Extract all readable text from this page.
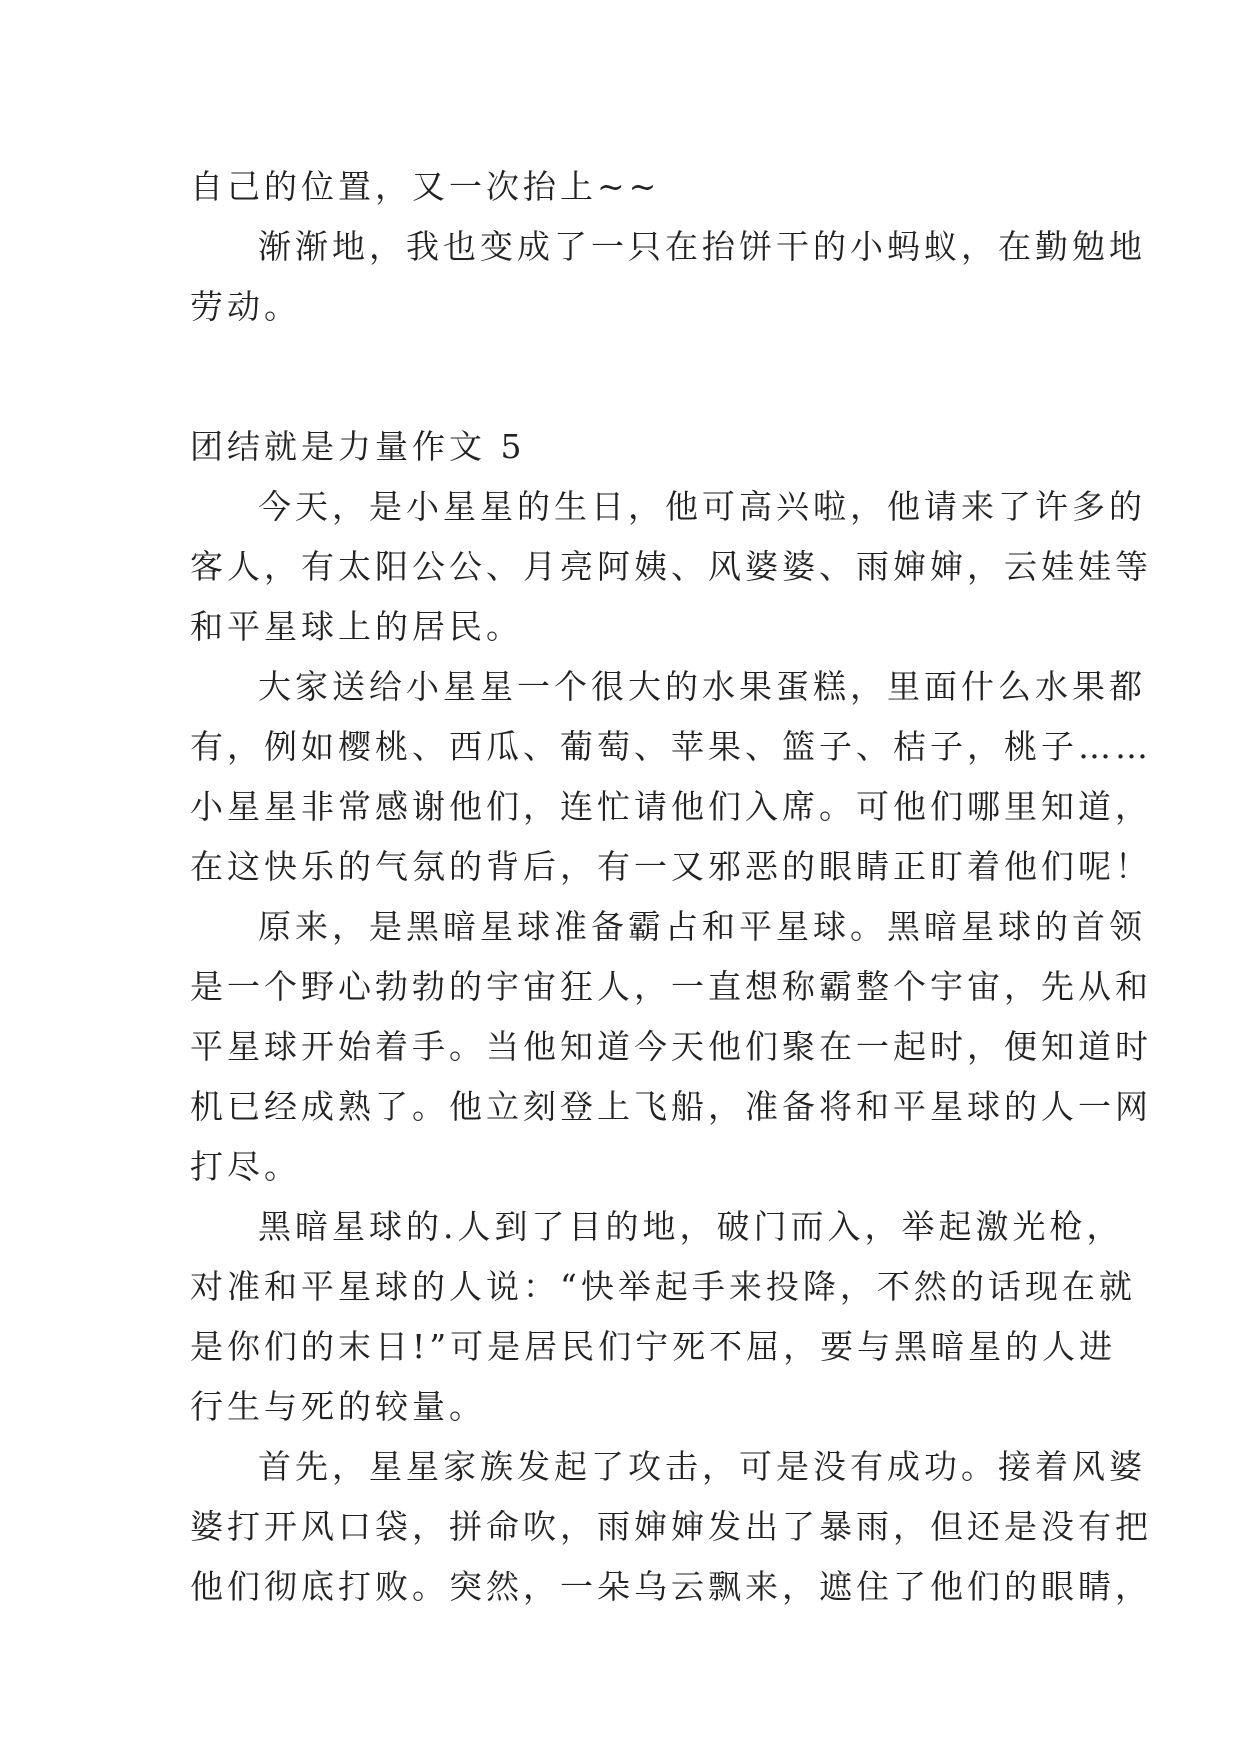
自己的位置，又一次抬上~~
渐渐地，我也变成了一只在抬饼干的小蚂蚁，在勤勉地
劳动。
团结就是力量作文 5
今天，是小星星的生日，他可高兴啦，他请来了许多的
客人，有太阳公公、月亮阿姨、风婆婆、雨婶婶，云娃娃等
和平星球上的居民。
大家送给小星星一个很大的水果蛋糕，里面什么水果都
有，例如樱桃、西瓜、葡萄、苹果、篮子、桔子，桃子……
小星星非常感谢他们，连忙请他们入席。可他们哪里知道，
在这快乐的气氛的背后，有一又邪恶的眼睛正盯着他们呢！
原来，是黑暗星球准备霸占和平星球。黑暗星球的首领
是一个野心勃勃的宇宙狂人，一直想称霸整个宇宙，先从和
平星球开始着手。当他知道今天他们聚在一起时，便知道时
机已经成熟了。他立刻登上飞船，准备将和平星球的人一网
打尽。
黑暗星球的.人到了目的地，破门而入，举起激光枪，
对准和平星球的人说：“快举起手来投降，不然的话现在就
是你们的末日!”可是居民们宁死不屈，要与黑暗星的人进
行生与死的较量。
首先，星星家族发起了攻击，可是没有成功。接着风婆
婆打开风口袋，拼命吹，雨婶婶发出了暴雨，但还是没有把
他们彻底打败。突然，一朵乌云飘来，遮住了他们的眼睛，
